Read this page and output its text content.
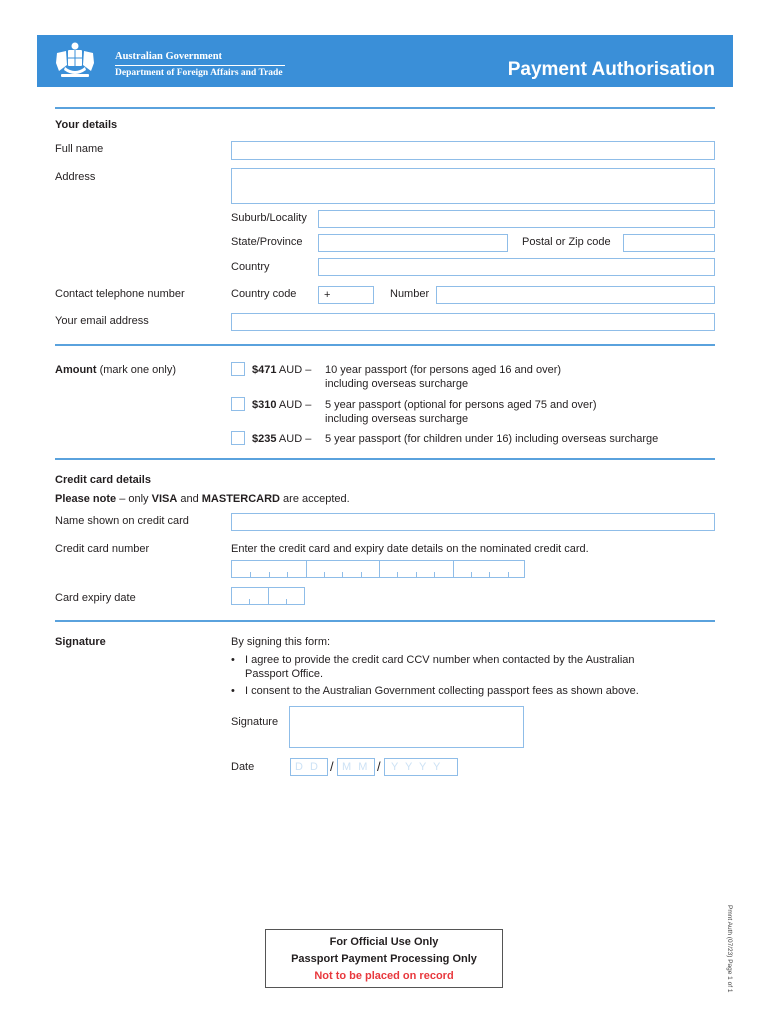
Australian Government
Department of Foreign Affairs and Trade	Payment Authorisation
Your details
Full name
Address
Suburb/Locality
State/Province	Postal or Zip code
Country
Contact telephone number	Country code	+	Number
Your email address
Amount (mark one only)	$471 AUD – 10 year passport (for persons aged 16 and over)
including overseas surcharge
$310 AUD – 5 year passport (optional for persons aged 75 and over)
including overseas surcharge
$235 AUD – 5 year passport (for children under 16) including overseas surcharge
Credit card details
Please note – only VISA and MASTERCARD are accepted.
Name shown on credit card
Credit card number	Enter the credit card and expiry date details on the nominated credit card.
Card expiry date
Signature	By signing this form:
• I agree to provide the credit card CCV number when contacted by the Australian
Passport Office.
• I consent to the Australian Government collecting passport fees as shown above.
Signature
Date	D D / M M / Y Y Y Y
For Official Use Only
Passport Payment Processing Only
Not to be placed on record	Pmnt Auth (07/23) Page 1 of 1
